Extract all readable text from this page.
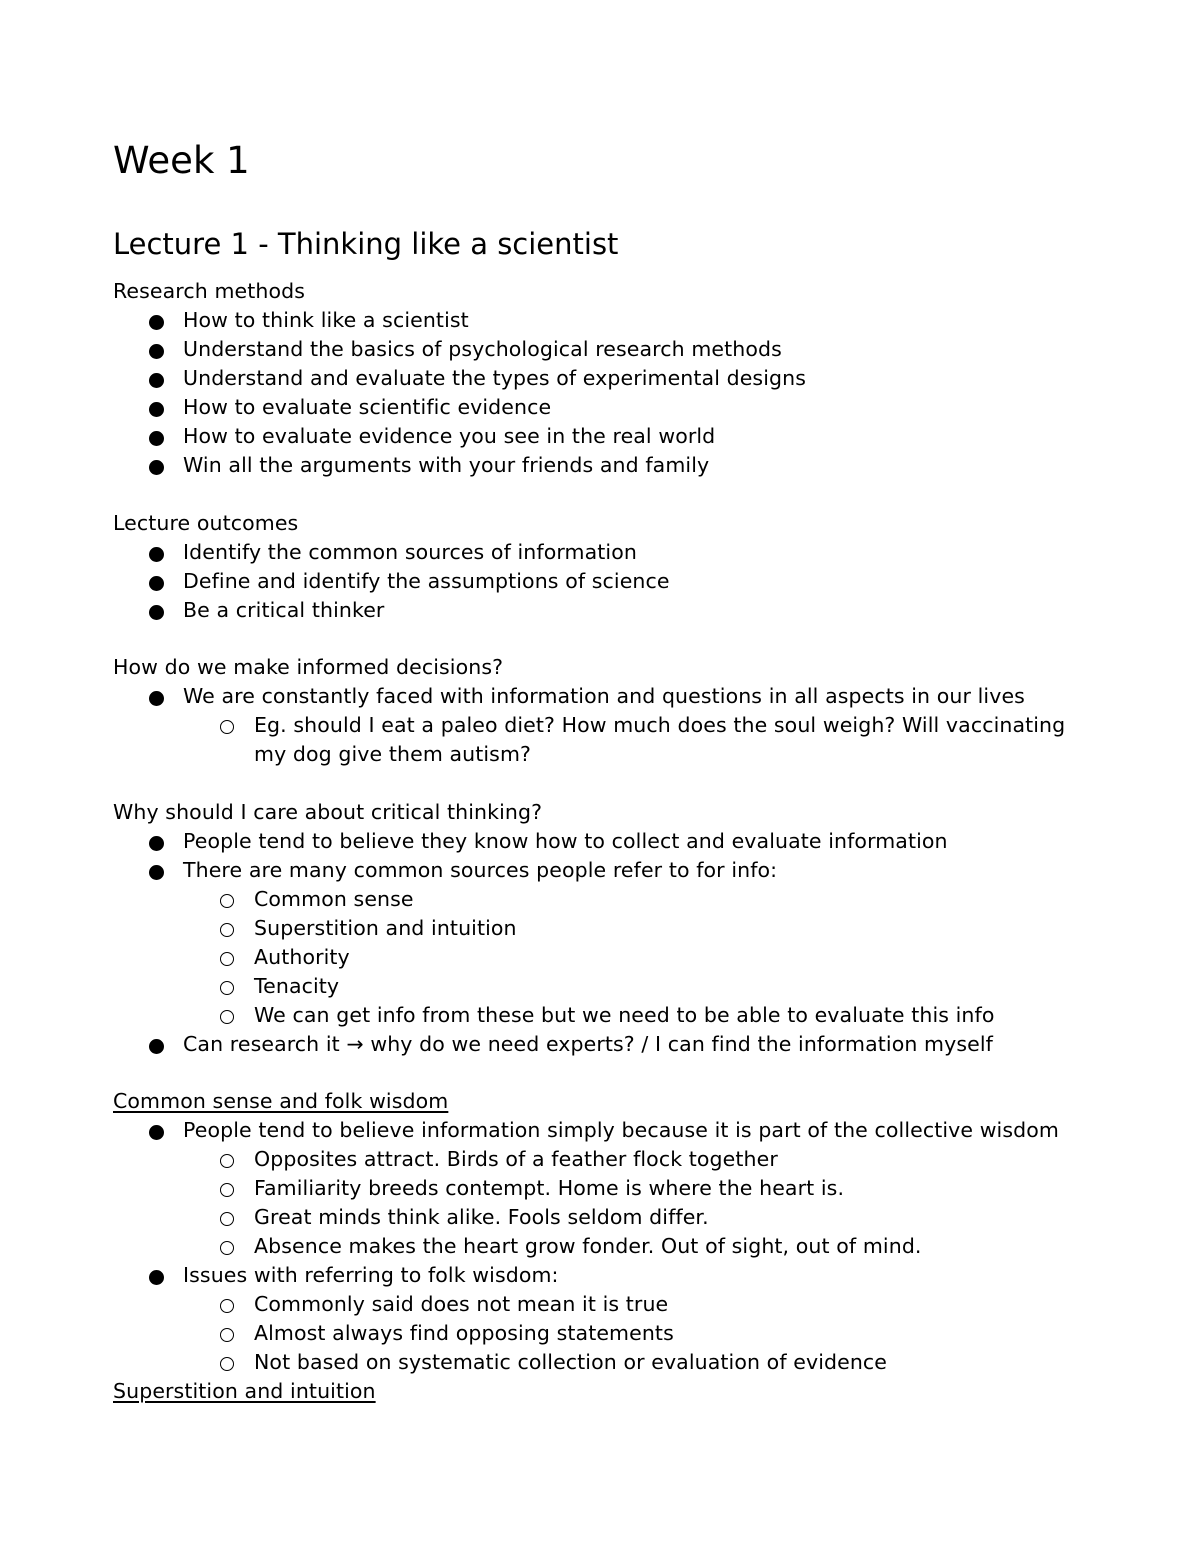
Week 1
Lecture 1 - Thinking like a scientist
Research methods
How to think like a scientist
Understand the basics of psychological research methods
Understand and evaluate the types of experimental designs
How to evaluate scientific evidence
How to evaluate evidence you see in the real world
Win all the arguments with your friends and family
Lecture outcomes
Identify the common sources of information
Define and identify the assumptions of science
Be a critical thinker
How do we make informed decisions?
We are constantly faced with information and questions in all aspects in our lives
Eg. should I eat a paleo diet? How much does the soul weigh? Will vaccinating my dog give them autism?
Why should I care about critical thinking?
People tend to believe they know how to collect and evaluate information
There are many common sources people refer to for info:
Common sense
Superstition and intuition
Authority
Tenacity
We can get info from these but we need to be able to evaluate this info
Can research it → why do we need experts? / I can find the information myself
Common sense and folk wisdom
People tend to believe information simply because it is part of the collective wisdom
Opposites attract. Birds of a feather flock together
Familiarity breeds contempt. Home is where the heart is.
Great minds think alike. Fools seldom differ.
Absence makes the heart grow fonder. Out of sight, out of mind.
Issues with referring to folk wisdom:
Commonly said does not mean it is true
Almost always find opposing statements
Not based on systematic collection or evaluation of evidence
Superstition and intuition
